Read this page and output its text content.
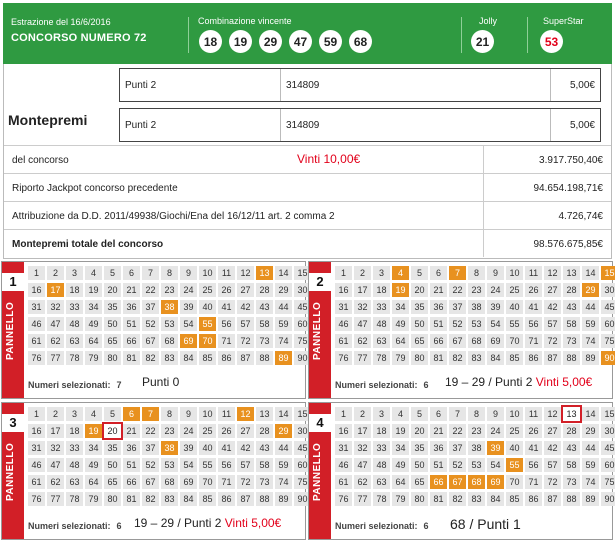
Estrazione del 16/6/2016
CONCORSO NUMERO 72
Combinazione vincente
18	19	29	47	59	68
Jolly
21
SuperStar
53
Montepremi
Punti 2	314809	5,00€
Punti 2	314809	5,00€
del concorso	Vinti 10,00€	3.917.750,40€
Riporto Jackpot concorso precedente	94.654.198,71€
Attribuzione da D.D. 2011/49938/Giochi/Ena del 16/12/11 art. 2 comma 2	4.726,74€
Montepremi totale del concorso	98.576.675,85€
1
PANNELLO
1	2	3	4	5	6	7	8	9	10	11	12 13 14 15
16 17 18 19 20 21 22 23 24 25 26 27 28 29 30
31 32 33 34 35 36 37 38 39 40 41 42 43 44 45
46 47 48 49 50 51 52 53 54 55 56 57 58 59 60
61 62 63 64 65 66 67 68 69 70 71 72 73 74 75
76 77 78 79 80 81 82 83 84 85 86 87 88 89 90
Numeri selezionati: 7 Punti 0
2
PANNELLO
1	2	3	4	5	6	7	8	9	10	11	12 13 14 15
16 17 18 19 20 21 22 23 24 25 26 27 28 29 30
31 32 33 34 35 36 37 38 39 40 41 42 43 44 45
46 47 48 49 50 51 52 53 54 55 56 57 58 59 60
61 62 63 64 65 66 67 68 69 70 71 72 73 74 75
76 77 78 79 80 81 82 83 84 85 86 87 88 89 90
Numeri selezionati: 6 19 – 29 / Punti 2 Vinti 5,00€
3
PANNELLO
1	2	3	4	5	6	7	8	9	10	11	12 13 14 15
16 17 18 19 20 21 22 23 24 25 26 27 28 29 30
31 32 33 34 35 36 37 38 39 40 41 42 43 44 45
46 47 48 49 50 51 52 53 54 55 56 57 58 59 60
61 62 63 64 65 66 67 68 69 70 71 72 73 74 75
76 77 78 79 80 81 82 83 84 85 86 87 88 89 90
Numeri selezionati: 6 19 – 29 / Punti 2 Vinti 5,00€
4
PANNELLO
1	2	3	4	5	6	7	8	9	10	11	12 13 14 15
16 17 18 19 20 21 22 23 24 25 26 27 28 29 30
31 32 33 34 35 36 37 38 39 40 41 42 43 44 45
46 47 48 49 50 51 52 53 54 55 56 57 58 59 60
61 62 63 64 65 66 67 68 69 70 71 72 73 74 75
76 77 78 79 80 81 82 83 84 85 86 87 88 89 90
Numeri selezionati: 6 68 / Punti 1
